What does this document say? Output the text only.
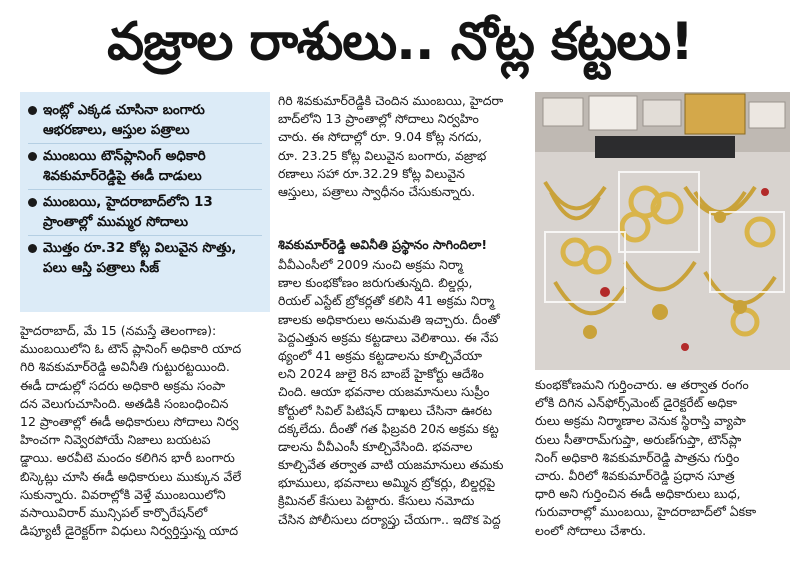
వజ్రాల రాశులు.. నోట్ల కట్టలు!
ఇంట్లో ఎక్కడ చూసినా బంగారు ఆభరణాలు, ఆస్తుల పత్రాలు
ముంబయి టౌన్‌ప్లానింగ్ అధికారి శివకుమార్‌రెడ్డిపై ఈడీ దాడులు
ముంబయి, హైదరాబాద్‌లోని 13 ప్రాంతాల్లో ముమ్మర సోదాలు
మొత్తం రూ.32 కోట్ల విలువైన సొత్తు, పలు ఆస్తి పత్రాలు సీజ్
హైదరాబాద్, మే 15 (నమస్తే తెలంగాణ):
ముంబయిలోని ఓ టౌన్ ప్లానింగ్ అధికారి యాద
గిరి శివకుమార్‌రెడ్డి అవినీతి గుట్టురట్టయింది.
ఈడీ దాడుల్లో సదరు అధికారి అక్రమ సంపా
దన వెలుగుచూసింది. అతడికి సంబంధించిన
12 ప్రాంతాల్లో ఈడీ అధికారులు సోదాలు నిర్వ
హించగా నివ్వెరపోయే నిజాలు బయటప
డ్డాయి. అరవీటె మందం కలిగిన భారీ బంగారు
బిస్కెట్లు చూసి ఈడీ అధికారులు ముక్కున వేలే
సుకున్నారు. వివరాల్లోకి వెళ్తే ముంబయిలోని
వసాయివిరార్ మున్సిపల్ కార్పొరేషన్‌లో
డిప్యూటీ డైరెక్టర్‌గా విధులు నిర్వర్తిస్తున్న యాద
గిరి శివకుమార్‌రెడ్డికి చెందిన ముంబయి, హైదరా
బాద్‌లోని 13 ప్రాంతాల్లో సోదాలు నిర్వహిం
చారు. ఈ సోదాల్లో రూ. 9.04 కోట్ల నగదు,
రూ. 23.25 కోట్ల విలువైన బంగారు, వజ్రాభ
రణాలు సహా రూ.32.29 కోట్ల విలువైన
ఆస్తులు, పత్రాలు స్వాధీనం చేసుకున్నారు.
శివకుమార్‌రెడ్డి అవినీతి ప్రస్థానం సాగిందిలా!
వీవీఎంసీలో 2009 నుంచి అక్రమ నిర్మా
ణాల కుంభకోణం జరుగుతున్నది. బిల్డర్లు,
రియల్ ఎస్టేట్ బ్రోకర్లతో కలిసి 41 అక్రమ నిర్మా
ణాలకు అధికారులు అనుమతి ఇచ్చారు. దీంతో
పెద్దఎత్తున అక్రమ కట్టడాలు వెలిశాయి. ఈ నేప
థ్యంలో 41 అక్రమ కట్టడాలను కూల్చివేయా
లని 2024 జులై 8న బాంబే హైకోర్టు ఆదేశిం
చింది. ఆయా భవనాల యజమానులు సుప్రీం
కోర్టులో సివిల్ పిటిషన్ దాఖలు చేసినా ఊరట
దక్కలేదు. దీంతో గత ఫిబ్రవరి 20న అక్రమ కట్ట
డాలను వీవీఎంసీ కూల్చివేసింది. భవనాల
కూల్చివేత తర్వాత వాటి యజమానులు తమకు
భూములు, భవనాలు అమ్మిన బ్రోకర్లు, బిల్డర్లపై
క్రిమినల్ కేసులు పెట్టారు. కేసులు నమోదు
చేసిన పోలీసులు దర్యాప్తు చేయగా.. ఇదొక పెద్ద
కుంభకోణమని గుర్తించారు. ఆ తర్వాత రంగం
లోకి దిగిన ఎన్‌ఫోర్స్‌మెంట్ డైరెక్టరేట్ అధికా
రులు అక్రమ నిర్మాణాల వెనుక స్థిరాస్తి వ్యాపా
రులు సీతారామ్‌గుప్తా, అరుణ్‌గుప్తా, టౌన్‌ప్లా
నింగ్ అధికారి శివకుమార్‌రెడ్డి పాత్రను గుర్తిం
చారు. వీరిలో శివకుమార్‌రెడ్డి ప్రధాన సూత్ర
ధారి అని గుర్తించిన ఈడీ అధికారులు బుధ,
గురువారాల్లో ముంబయి, హైదరాబాద్‌లో ఏకకా
లంలో సోదాలు చేశారు.
